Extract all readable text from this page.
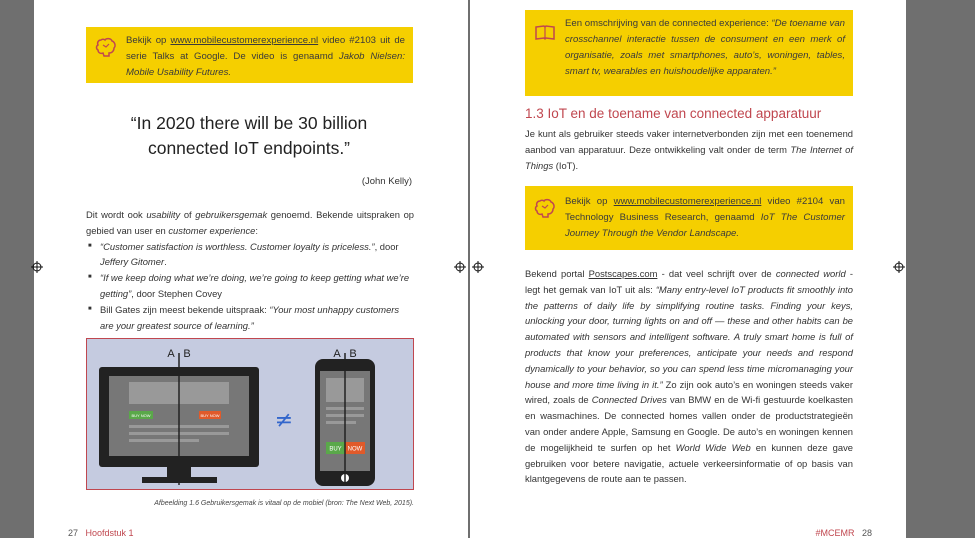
Bekijk op www.mobilecustomerexperience.nl video #2103 uit de serie Talks at Google. De video is genaamd Jakob Nielsen: Mobile Usability Futures.
“In 2020 there will be 30 billion
connected IoT endpoints.”
(John Kelly)
Dit wordt ook usability of gebruikersgemak genoemd. Bekende uitspraken op gebied van user en customer experience:
■ “Customer satisfaction is worthless. Customer loyalty is priceless.”, door Jeffery Gitomer.
■ “If we keep doing what we’re doing, we’re going to keep getting what we’re getting”, door Stephen Covey
■ Bill Gates zijn meest bekende uitspraak: “Your most unhappy customers are your greatest source of learning.”
BUY NOW	BUY NOW
A B
≠
BUY NOW
A B
Afbeelding 1.6 Gebruikersgemak is vitaal op de mobiel (bron: The Next Web, 2015).
27 Hoofdstuk 1
Een omschrijving van de connected experience: “De toename van crosschannel interactie tussen de consument en een merk of organisatie, zoals met smartphones, auto’s, woningen, tables, smart tv, wearables en huishoudelijke apparaten.”
1.3 IoT en de toename van connected apparatuur
Je kunt als gebruiker steeds vaker internetverbonden zijn met een toenemend aanbod van apparatuur. Deze ontwikkeling valt onder de term The Internet of Things (IoT).
Bekijk op www.mobilecustomerexperience.nl video #2104 van Technology Business Research, genaamd IoT The Customer Journey Through the Vendor Landscape.
Bekend portal Postscapes.com - dat veel schrijft over de connected world - legt het gemak van IoT uit als: “Many entry-level IoT products fit smoothly into the patterns of daily life by simplifying routine tasks. Finding your keys, unlocking your door, turning lights on and off — these and other habits can be automated with sensors and intelligent software. A truly smart home is full of products that know your preferences, anticipate your needs and respond dynamically to your behavior, so you can spend less time micromanaging your house and more time living in it.” Zo zijn ook auto’s en woningen steeds vaker wired, zoals de Connected Drives van BMW en de Wi-fi gestuurde koelkasten en wasmachines. De connected homes vallen onder de productstrategieën van onder andere Apple, Samsung en Google. De auto’s en woningen kennen de mogelijkheid te surfen op het World Wide Web en kunnen deze gave gebruiken voor betere navigatie, actuele verkeersinformatie of op basis van klantgegevens de route aan te passen.
#MCEMR 28
